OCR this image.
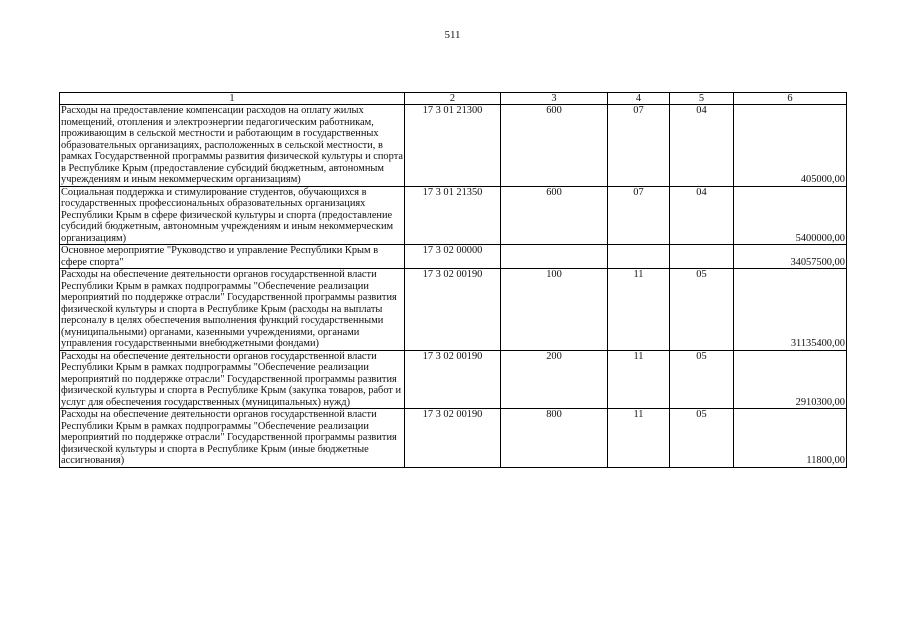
511
1	2	3	4	5	6
Расходы на предоставление компенсации расходов на оплату жилых помещений, отопления и электроэнергии педагогическим работникам, проживающим в сельской местности и работающим в государственных образовательных организациях, расположенных в сельской местности, в рамках Государственной программы развития физической культуры и спорта в Республике Крым (предоставление субсидий бюджетным, автономным учреждениям и иным некоммерческим организациям)	17 3 01 21300	600	07	04	405000,00
Социальная поддержка и стимулирование студентов, обучающихся в государственных профессиональных образовательных организациях Республики Крым в сфере физической культуры и спорта (предоставление субсидий бюджетным, автономным учреждениям и иным некоммерческим организациям)	17 3 01 21350	600	07	04	5400000,00
Основное мероприятие "Руководство и управление Республики Крым в сфере спорта"	17 3 02 00000				34057500,00
Расходы на обеспечение деятельности органов государственной власти Республики Крым в рамках подпрограммы "Обеспечение реализации мероприятий по поддержке отрасли" Государственной программы развития физической культуры и спорта в Республике Крым (расходы на выплаты персоналу в целях обеспечения выполнения функций государственными (муниципальными) органами, казенными учреждениями, органами управления государственными внебюджетными фондами)	17 3 02 00190	100	11	05	31135400,00
Расходы на обеспечение деятельности органов государственной власти Республики Крым в рамках подпрограммы "Обеспечение реализации мероприятий по поддержке отрасли" Государственной программы развития физической культуры и спорта в Республике Крым (закупка товаров, работ и услуг для обеспечения государственных (муниципальных) нужд)	17 3 02 00190	200	11	05	2910300,00
Расходы на обеспечение деятельности органов государственной власти Республики Крым в рамках подпрограммы "Обеспечение реализации мероприятий по поддержке отрасли" Государственной программы развития физической культуры и спорта в Республике Крым (иные бюджетные ассигнования)	17 3 02 00190	800	11	05	11800,00
